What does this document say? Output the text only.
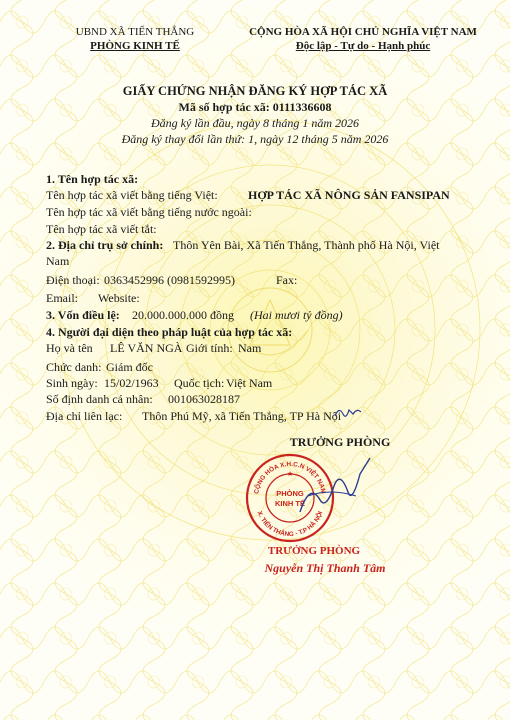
UBND XÃ TIẾN THẮNG
PHÒNG KINH TẾ
CỘNG HÒA XÃ HỘI CHỦ NGHĨA VIỆT NAM
Độc lập - Tự do - Hạnh phúc
GIẤY CHỨNG NHẬN ĐĂNG KÝ HỢP TÁC XÃ
Mã số hợp tác xã: 0111336608
Đăng ký lần đầu, ngày 8 tháng 1 năm 2026
Đăng ký thay đổi lần thứ: 1, ngày 12 tháng 5 năm 2026
1. Tên hợp tác xã:
Tên hợp tác xã viết bằng tiếng Việt:	HỢP TÁC XÃ NÔNG SẢN FANSIPAN
Tên hợp tác xã viết bằng tiếng nước ngoài:
Tên hợp tác xã viết tắt:
2. Địa chỉ trụ sở chính: Thôn Yên Bài, Xã Tiến Thắng, Thành phố Hà Nội, Việt
Nam
Điện thoại: 0363452996 (0981592995)	Fax:
Email: Website:
3. Vốn điều lệ: 20.000.000.000 đồng (Hai mươi tỷ đồng)
4. Người đại diện theo pháp luật của hợp tác xã:
Họ và tên LÊ VĂN NGÀ Giới tính: Nam
Chức danh: Giám đốc
Sinh ngày: 15/02/1963 Quốc tịch: Việt Nam
Số định danh cá nhân: 001063028187
Địa chỉ liên lạc: Thôn Phú Mỹ, xã Tiến Thắng, TP Hà Nội
TRƯỞNG PHÒNG
CỘNG HÒA X.H.C.N VIỆT NAM
X. TIẾN THẮNG - T.P HÀ NỘI
PHÒNG
KINH TẾ
★
TRƯỞNG PHÒNG
Nguyễn Thị Thanh Tâm
